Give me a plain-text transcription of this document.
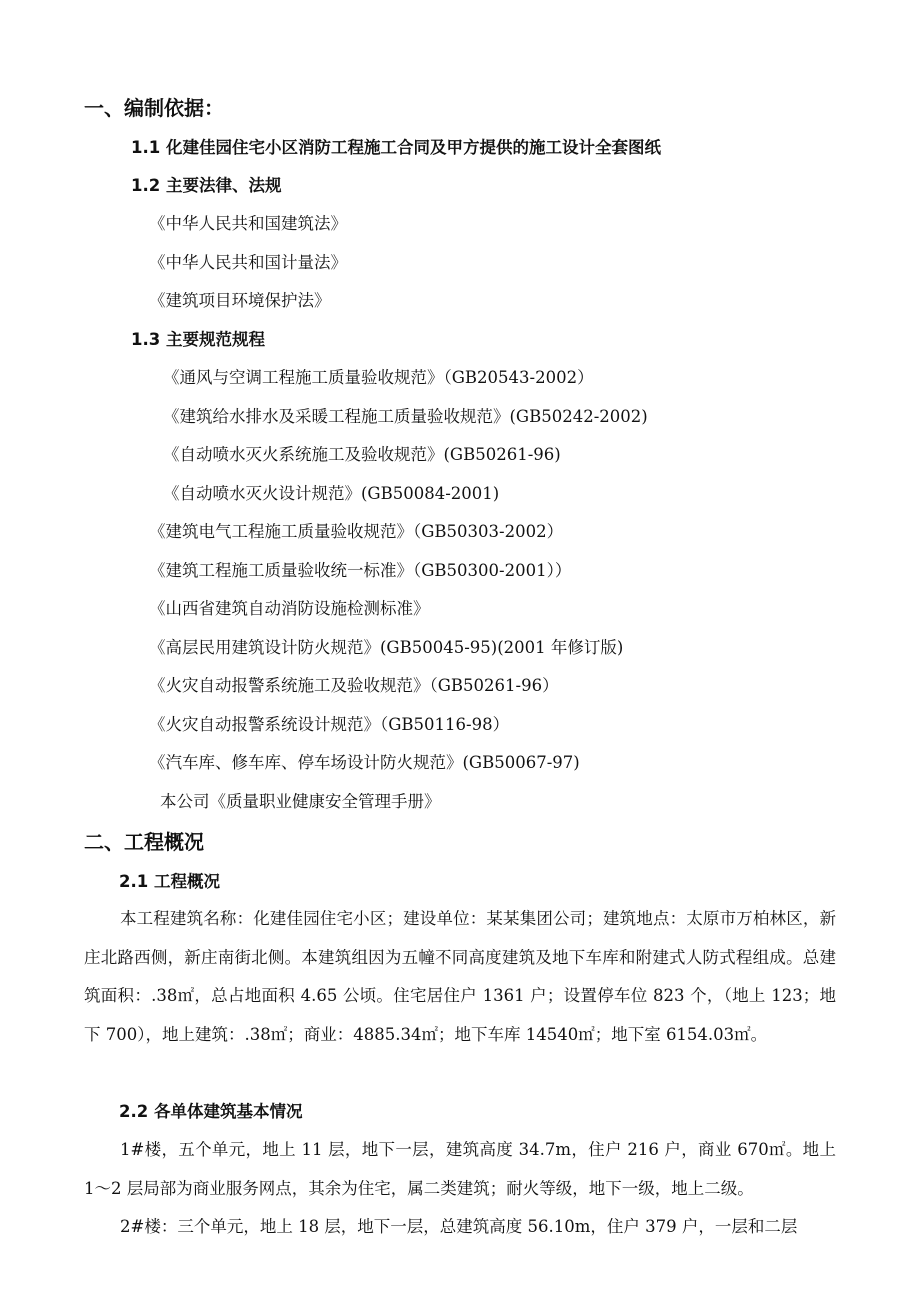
一、编制依据：
1.1 化建佳园住宅小区消防工程施工合同及甲方提供的施工设计全套图纸
1.2 主要法律、法规
《中华人民共和国建筑法》
《中华人民共和国计量法》
《建筑项目环境保护法》
1.3 主要规范规程
《通风与空调工程施工质量验收规范》（GB20543-2002）
《建筑给水排水及采暖工程施工质量验收规范》(GB50242-2002)
《自动喷水灭火系统施工及验收规范》(GB50261-96)
《自动喷水灭火设计规范》(GB50084-2001)
《建筑电气工程施工质量验收规范》（GB50303-2002）
《建筑工程施工质量验收统一标准》（GB50300-2001））
《山西省建筑自动消防设施检测标准》
《高层民用建筑设计防火规范》(GB50045-95)(2001 年修订版)
《火灾自动报警系统施工及验收规范》（GB50261-96）
《火灾自动报警系统设计规范》（GB50116-98）
《汽车库、修车库、停车场设计防火规范》(GB50067-97)
本公司《质量职业健康安全管理手册》
二、工程概况
2.1 工程概况
本工程建筑名称：化建佳园住宅小区；建设单位：某某集团公司；建筑地点：太原市万柏林区，新庄北路西侧，新庄南街北侧。本建筑组因为五幢不同高度建筑及地下车库和附建式人防式程组成。总建筑面积：.38㎡，总占地面积 4.65 公顷。住宅居住户 1361 户；设置停车位 823 个，（地上 123；地下 700），地上建筑：.38㎡；商业：4885.34㎡；地下车库 14540㎡；地下室 6154.03㎡。
2.2 各单体建筑基本情况
1#楼，五个单元，地上 11 层，地下一层，建筑高度 34.7m，住户 216 户，商业 670㎡。地上 1～2 层局部为商业服务网点，其余为住宅，属二类建筑；耐火等级，地下一级，地上二级。
2#楼：三个单元，地上 18 层，地下一层，总建筑高度 56.10m，住户 379 户，一层和二层
